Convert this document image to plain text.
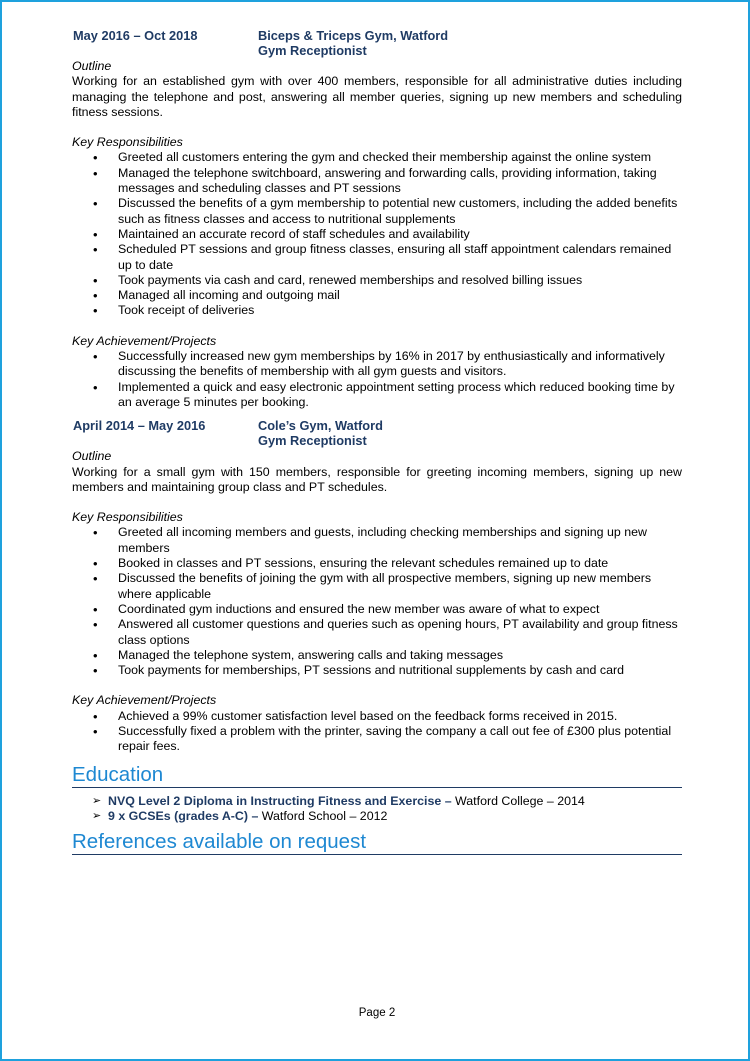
May 2016 – Oct 2018	Biceps & Triceps Gym, Watford
Gym Receptionist
Outline
Working for an established gym with over 400 members, responsible for all administrative duties including managing the telephone and post, answering all member queries, signing up new members and scheduling fitness sessions.
Key Responsibilities
• Greeted all customers entering the gym and checked their membership against the online system
• Managed the telephone switchboard, answering and forwarding calls, providing information, taking messages and scheduling classes and PT sessions
• Discussed the benefits of a gym membership to potential new customers, including the added benefits such as fitness classes and access to nutritional supplements
• Maintained an accurate record of staff schedules and availability
• Scheduled PT sessions and group fitness classes, ensuring all staff appointment calendars remained up to date
• Took payments via cash and card, renewed memberships and resolved billing issues
• Managed all incoming and outgoing mail
• Took receipt of deliveries
Key Achievement/Projects
• Successfully increased new gym memberships by 16% in 2017 by enthusiastically and informatively discussing the benefits of membership with all gym guests and visitors.
• Implemented a quick and easy electronic appointment setting process which reduced booking time by an average 5 minutes per booking.
April 2014 – May 2016	Cole’s Gym, Watford
Gym Receptionist
Outline
Working for a small gym with 150 members, responsible for greeting incoming members, signing up new members and maintaining group class and PT schedules.
Key Responsibilities
• Greeted all incoming members and guests, including checking memberships and signing up new members
• Booked in classes and PT sessions, ensuring the relevant schedules remained up to date
• Discussed the benefits of joining the gym with all prospective members, signing up new members where applicable
• Coordinated gym inductions and ensured the new member was aware of what to expect
• Answered all customer questions and queries such as opening hours, PT availability and group fitness class options
• Managed the telephone system, answering calls and taking messages
• Took payments for memberships, PT sessions and nutritional supplements by cash and card
Key Achievement/Projects
• Achieved a 99% customer satisfaction level based on the feedback forms received in 2015.
• Successfully fixed a problem with the printer, saving the company a call out fee of £300 plus potential repair fees.
Education
➢ NVQ Level 2 Diploma in Instructing Fitness and Exercise – Watford College – 2014
➢ 9 x GCSEs (grades A-C) – Watford School – 2012
References available on request
Page 2
